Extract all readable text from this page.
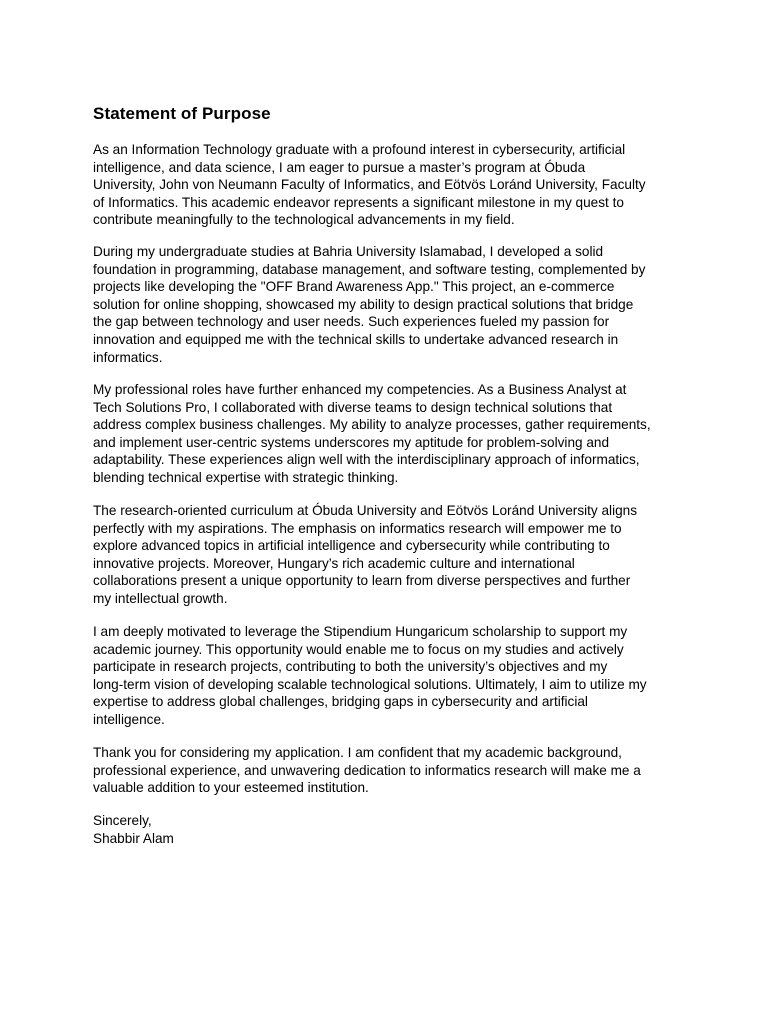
Statement of Purpose
As an Information Technology graduate with a profound interest in cybersecurity, artificial
intelligence, and data science, I am eager to pursue a master’s program at Óbuda
University, John von Neumann Faculty of Informatics, and Eötvös Loránd University, Faculty
of Informatics. This academic endeavor represents a significant milestone in my quest to
contribute meaningfully to the technological advancements in my field.
During my undergraduate studies at Bahria University Islamabad, I developed a solid
foundation in programming, database management, and software testing, complemented by
projects like developing the "OFF Brand Awareness App." This project, an e-commerce
solution for online shopping, showcased my ability to design practical solutions that bridge
the gap between technology and user needs. Such experiences fueled my passion for
innovation and equipped me with the technical skills to undertake advanced research in
informatics.
My professional roles have further enhanced my competencies. As a Business Analyst at
Tech Solutions Pro, I collaborated with diverse teams to design technical solutions that
address complex business challenges. My ability to analyze processes, gather requirements,
and implement user-centric systems underscores my aptitude for problem-solving and
adaptability. These experiences align well with the interdisciplinary approach of informatics,
blending technical expertise with strategic thinking.
The research-oriented curriculum at Óbuda University and Eötvös Loránd University aligns
perfectly with my aspirations. The emphasis on informatics research will empower me to
explore advanced topics in artificial intelligence and cybersecurity while contributing to
innovative projects. Moreover, Hungary’s rich academic culture and international
collaborations present a unique opportunity to learn from diverse perspectives and further
my intellectual growth.
I am deeply motivated to leverage the Stipendium Hungaricum scholarship to support my
academic journey. This opportunity would enable me to focus on my studies and actively
participate in research projects, contributing to both the university’s objectives and my
long-term vision of developing scalable technological solutions. Ultimately, I aim to utilize my
expertise to address global challenges, bridging gaps in cybersecurity and artificial
intelligence.
Thank you for considering my application. I am confident that my academic background,
professional experience, and unwavering dedication to informatics research will make me a
valuable addition to your esteemed institution.
Sincerely,
Shabbir Alam
